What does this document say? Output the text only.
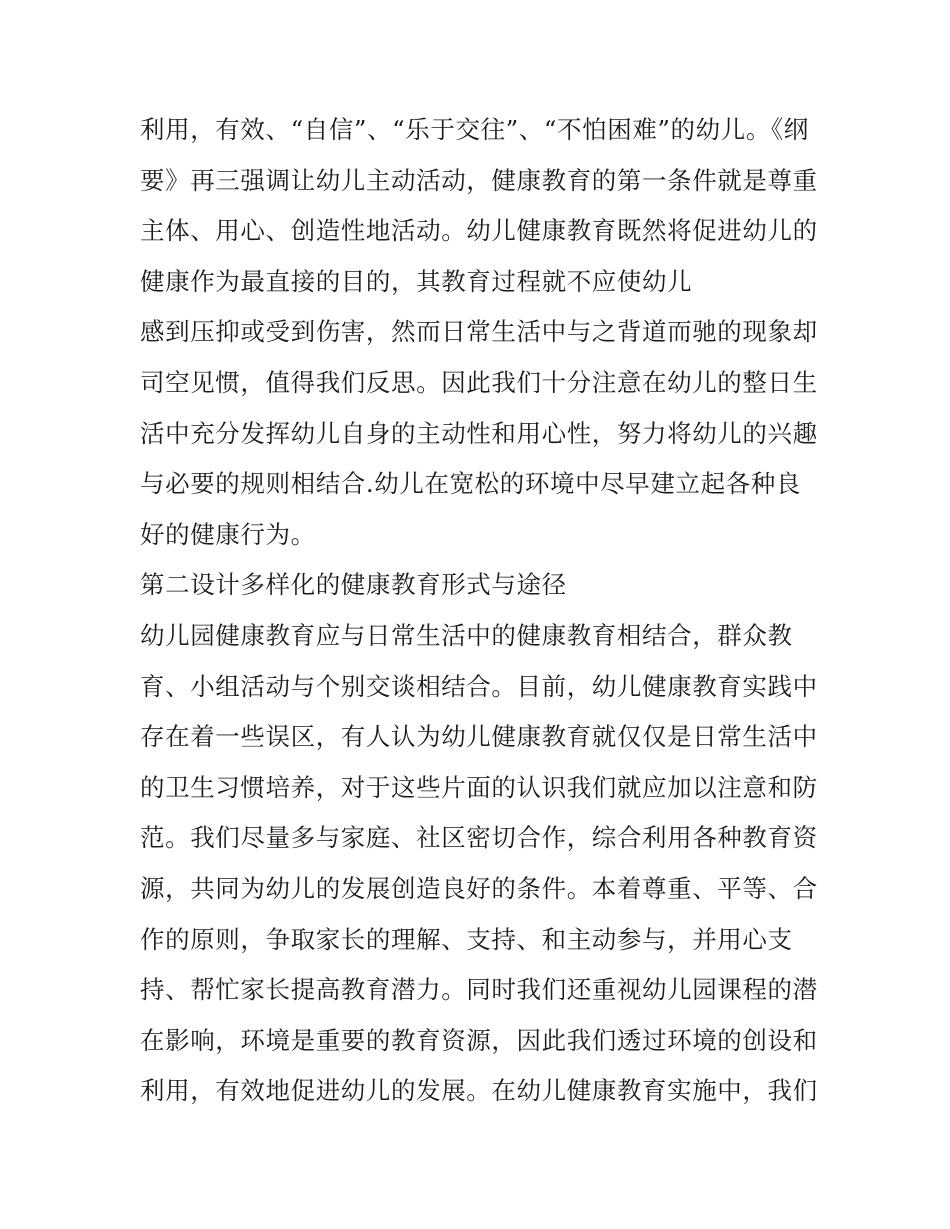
利用，有效、“自信”、“乐于交往”、“不怕困难”的幼儿。《纲
要》再三强调让幼儿主动活动，健康教育的第一条件就是尊重
主体、用心、创造性地活动。幼儿健康教育既然将促进幼儿的
健康作为最直接的目的，其教育过程就不应使幼儿
感到压抑或受到伤害，然而日常生活中与之背道而驰的现象却
司空见惯，值得我们反思。因此我们十分注意在幼儿的整日生
活中充分发挥幼儿自身的主动性和用心性，努力将幼儿的兴趣
与必要的规则相结合.幼儿在宽松的环境中尽早建立起各种良
好的健康行为。
第二设计多样化的健康教育形式与途径
幼儿园健康教育应与日常生活中的健康教育相结合，群众教
育、小组活动与个别交谈相结合。目前，幼儿健康教育实践中
存在着一些误区，有人认为幼儿健康教育就仅仅是日常生活中
的卫生习惯培养，对于这些片面的认识我们就应加以注意和防
范。我们尽量多与家庭、社区密切合作，综合利用各种教育资
源，共同为幼儿的发展创造良好的条件。本着尊重、平等、合
作的原则，争取家长的理解、支持、和主动参与，并用心支
持、帮忙家长提高教育潜力。同时我们还重视幼儿园课程的潜
在影响，环境是重要的教育资源，因此我们透过环境的创设和
利用，有效地促进幼儿的发展。在幼儿健康教育实施中，我们
